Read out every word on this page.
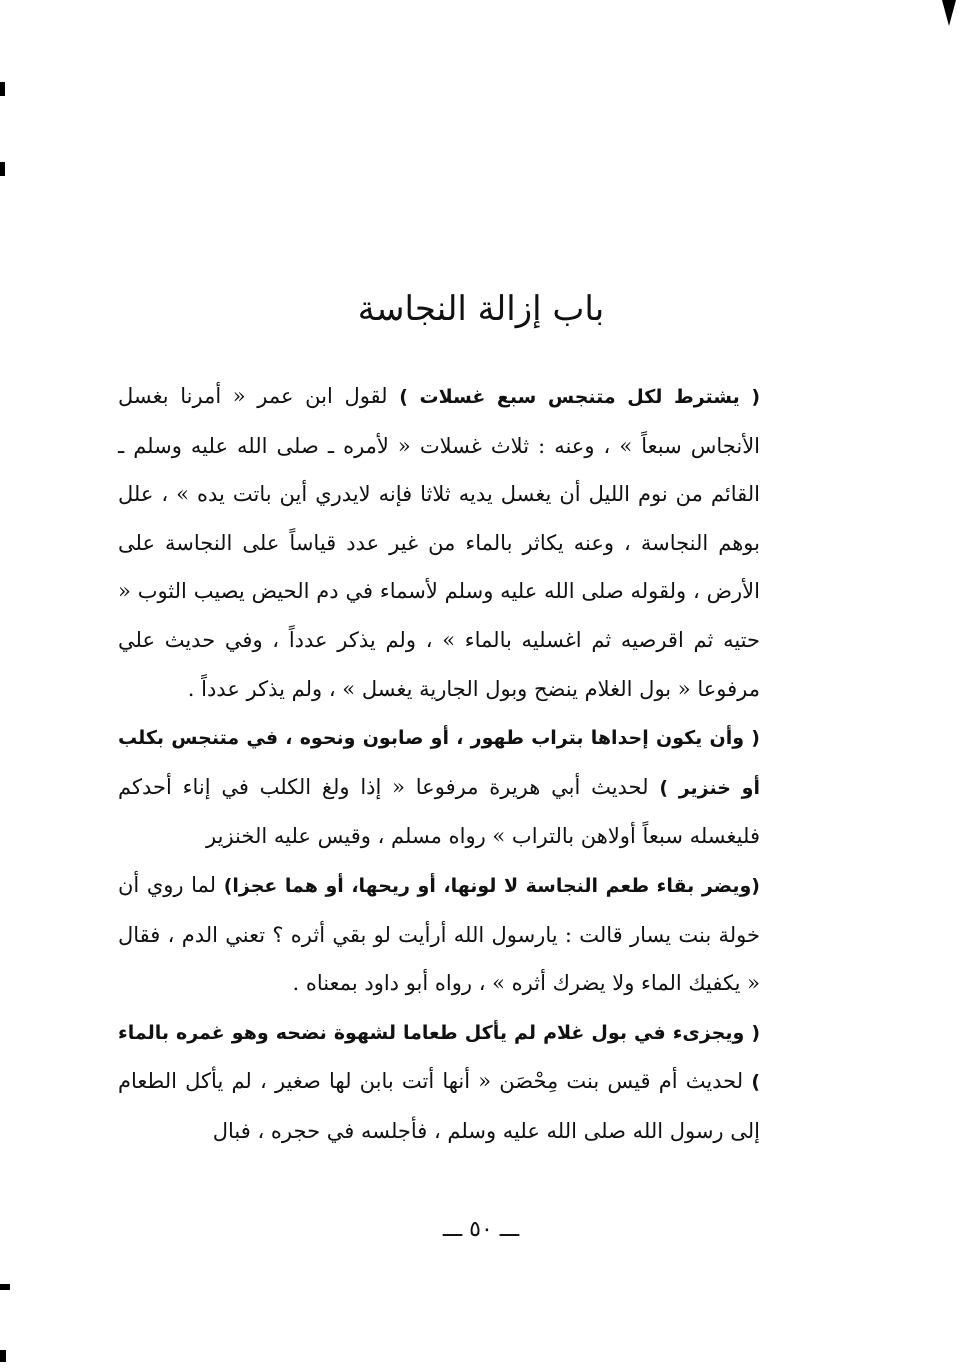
باب إزالة النجاسة

( يشترط لكل متنجس سبع غسلات ) لقول ابن عمر « أمرنا بغسل الأنجاس سبعاً » ، وعنه : ثلاث غسلات « لأمره ـ صلى الله عليه وسلم ـ القائم من نوم الليل أن يغسل يديه ثلاثا فإنه لايدري أين باتت يده » ، علل بوهم النجاسة ، وعنه يكاثر بالماء من غير عدد قياساً على النجاسة على الأرض ، ولقوله صلى الله عليه وسلم لأسماء في دم الحيض يصيب الثوب « حتيه ثم اقرصيه ثم اغسليه بالماء » ، ولم يذكر عدداً ، وفي حديث علي مرفوعا « بول الغلام ينضح وبول الجارية يغسل » ، ولم يذكر عدداً .

( وأن يكون إحداها بتراب طهور ، أو صابون ونحوه ، في متنجس بكلب أو خنزير ) لحديث أبي هريرة مرفوعا « إذا ولغ الكلب في إناء أحدكم فليغسله سبعاً أولاهن بالتراب » رواه مسلم ، وقيس عليه الخنزير

(ويضر بقاء طعم النجاسة لا لونها، أو ريحها، أو هما عجزا) لما روي أن خولة بنت يسار قالت : يارسول الله أرأيت لو بقي أثره ؟ تعني الدم ، فقال « يكفيك الماء ولا يضرك أثره » ، رواه أبو داود بمعناه .

( ويجزىء في بول غلام لم يأكل طعاما لشهوة نضحه وهو غمره بالماء ) لحديث أم قيس بنت مِحْصَن « أنها أتت بابن لها صغير ، لم يأكل الطعام إلى رسول الله صلى الله عليه وسلم ، فأجلسه في حجره ، فبال

ـــ ٥٠ ـــ
